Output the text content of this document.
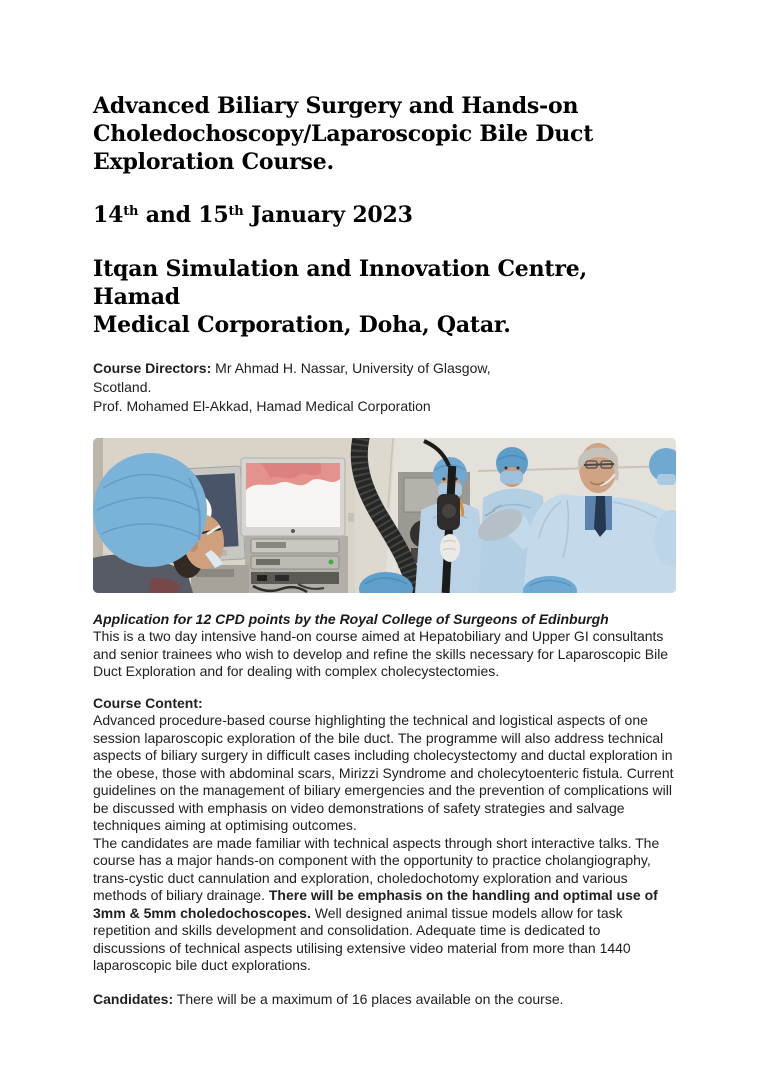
Advanced Biliary Surgery and Hands-on
Choledochoscopy/Laparoscopic Bile Duct
Exploration Course.
14th and 15th January 2023
Itqan Simulation and Innovation Centre, Hamad
Medical Corporation, Doha, Qatar.
Course Directors: Mr Ahmad H. Nassar, University of Glasgow,
Scotland.
Prof. Mohamed El-Akkad, Hamad Medical Corporation
Application for 12 CPD points by the Royal College of Surgeons of Edinburgh

This is a two day intensive hand-on course aimed at Hepatobiliary and Upper GI consultants and senior trainees who wish to develop and refine the skills necessary for Laparoscopic Bile Duct Exploration and for dealing with complex cholecystectomies.

Course Content:

Advanced procedure-based course highlighting the technical and logistical aspects of one session laparoscopic exploration of the bile duct. The programme will also address technical aspects of biliary surgery in difficult cases including cholecystectomy and ductal exploration in the obese, those with abdominal scars, Mirizzi Syndrome and cholecytoenteric fistula. Current guidelines on the management of biliary emergencies and the prevention of complications will be discussed with emphasis on video demonstrations of safety strategies and salvage techniques aiming at optimising outcomes.

The candidates are made familiar with technical aspects through short interactive talks. The course has a major hands-on component with the opportunity to practice cholangiography, trans-cystic duct cannulation and exploration, choledochotomy exploration and various methods of biliary drainage. There will be emphasis on the handling and optimal use of 3mm & 5mm choledochoscopes. Well designed animal tissue models allow for task repetition and skills development and consolidation. Adequate time is dedicated to discussions of technical aspects utilising extensive video material from more than 1440 laparoscopic bile duct explorations.

Candidates: There will be a maximum of 16 places available on the course.
